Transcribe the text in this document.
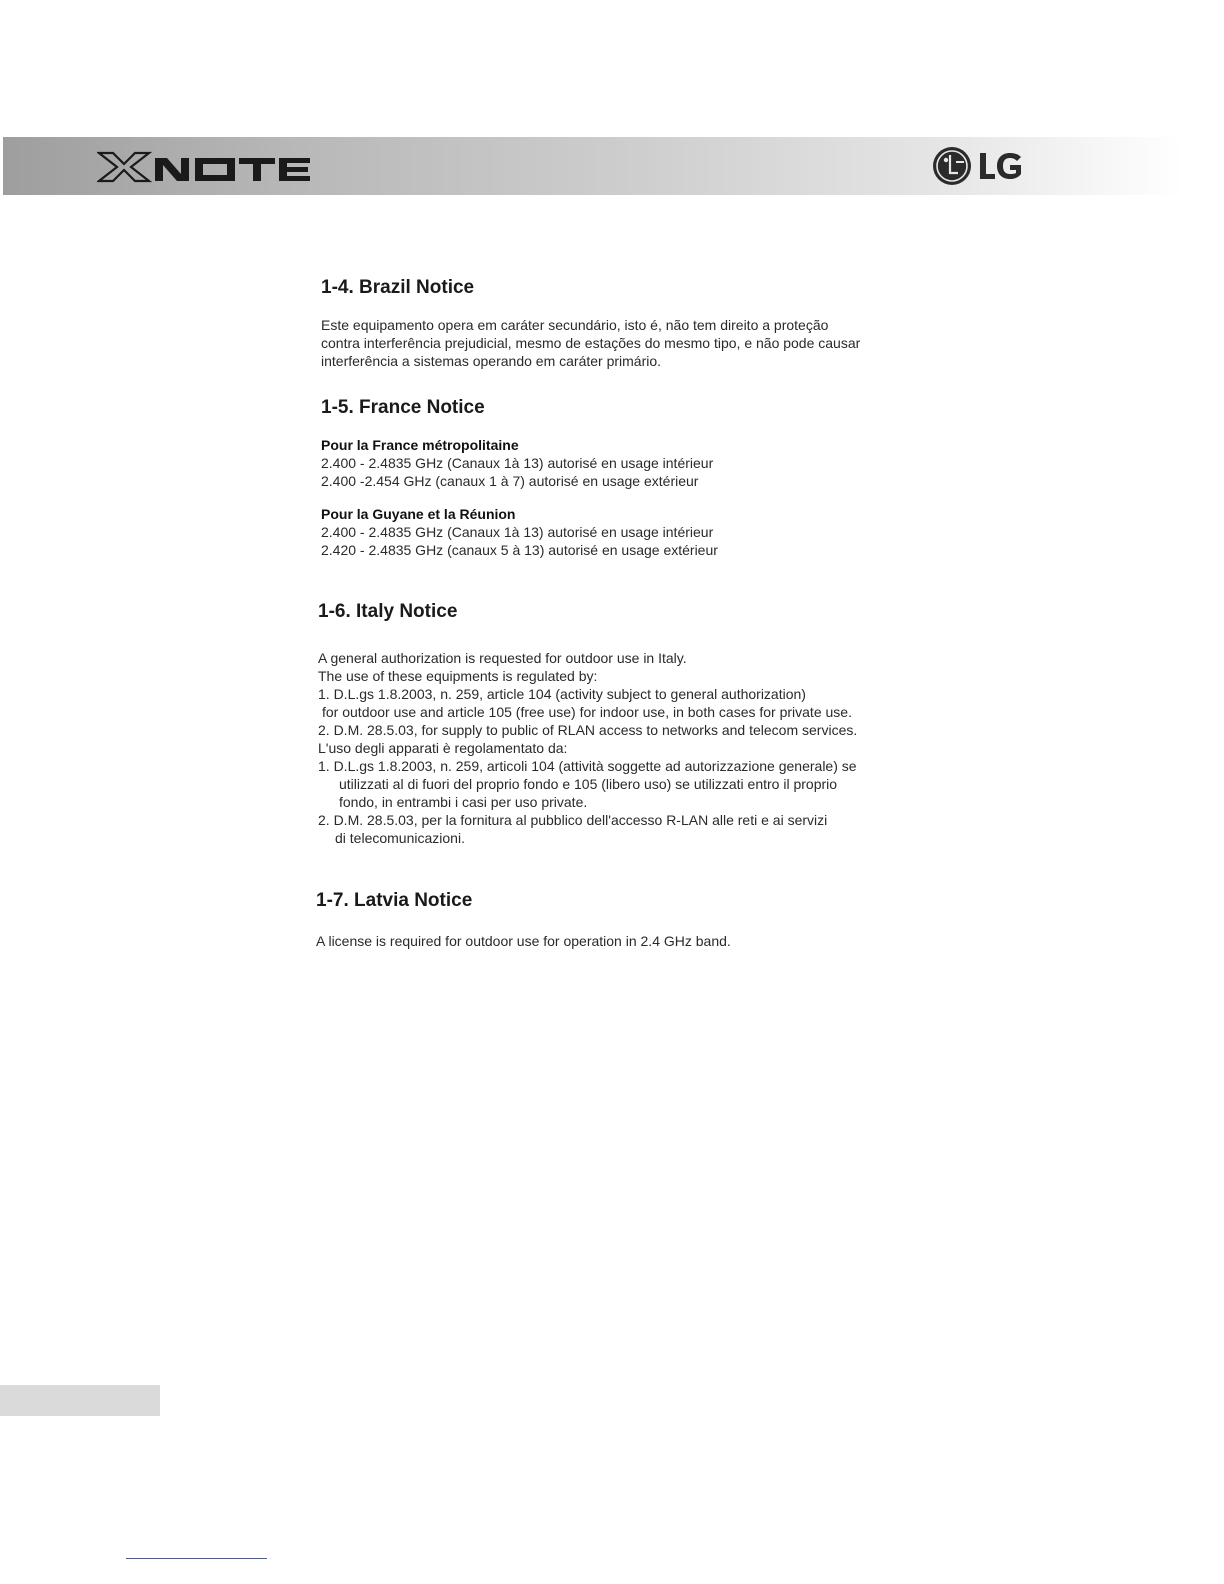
1-4. Brazil Notice

Este equipamento opera em caráter secundário, isto é, não tem direito a proteção
contra interferência prejudicial, mesmo de estações do mesmo tipo, e não pode causar
interferência a sistemas operando em caráter primário.

1-5. France Notice

Pour la France métropolitaine
2.400 - 2.4835 GHz (Canaux 1à 13) autorisé en usage intérieur
2.400 -2.454 GHz (canaux 1 à 7) autorisé en usage extérieur

Pour la Guyane et la Réunion
2.400 - 2.4835 GHz (Canaux 1à 13) autorisé en usage intérieur
2.420 - 2.4835 GHz (canaux 5 à 13) autorisé en usage extérieur

1-6. Italy Notice

A general authorization is requested for outdoor use in Italy.
The use of these equipments is regulated by:
1. D.L.gs 1.8.2003, n. 259, article 104 (activity subject to general authorization)
for outdoor use and article 105 (free use) for indoor use, in both cases for private use.
2. D.M. 28.5.03, for supply to public of RLAN access to networks and telecom services.
L'uso degli apparati è regolamentato da:
1. D.L.gs 1.8.2003, n. 259, articoli 104 (attività soggette ad autorizzazione generale) se
utilizzati al di fuori del proprio fondo e 105 (libero uso) se utilizzati entro il proprio
fondo, in entrambi i casi per uso private.
2. D.M. 28.5.03, per la fornitura al pubblico dell'accesso R-LAN alle reti e ai servizi
di telecomunicazioni.

1-7. Latvia Notice

A license is required for outdoor use for operation in 2.4 GHz band.
